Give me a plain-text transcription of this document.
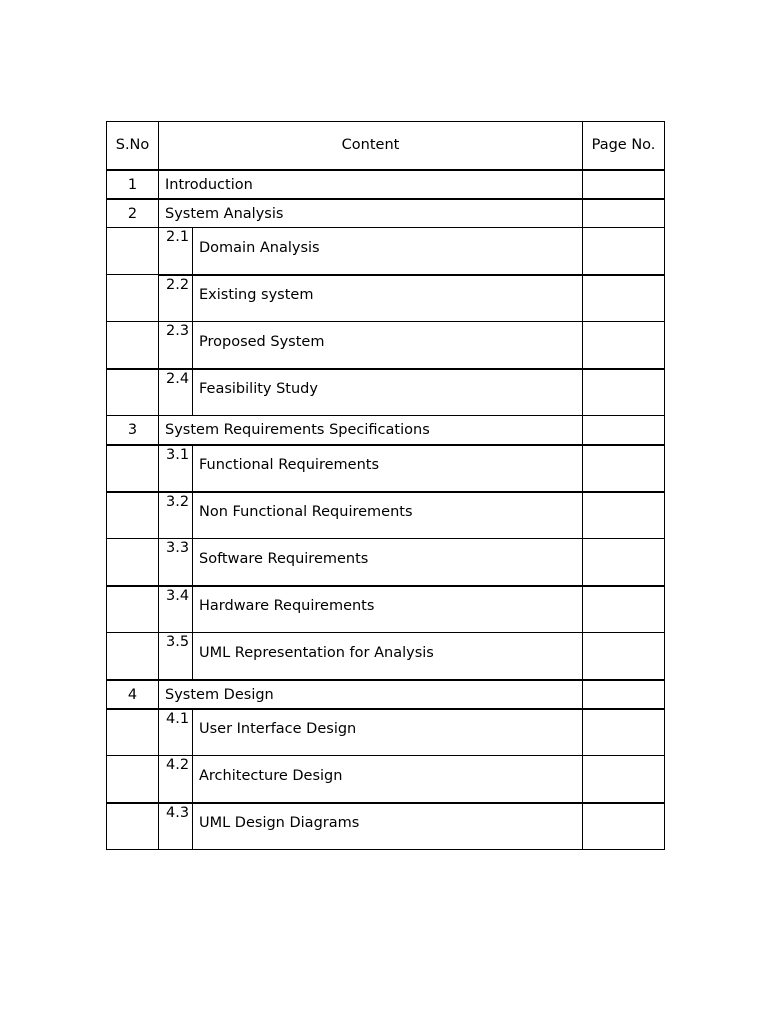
S.No	Content		Page No.
1	Introduction		
2	System Analysis		
	2.1	Domain Analysis	
	2.2	Existing system	
	2.3	Proposed System	
	2.4	Feasibility Study	
3	System Requirements Specifications		
	3.1	Functional Requirements	
	3.2	Non Functional Requirements	
	3.3	Software Requirements	
	3.4	Hardware Requirements	
	3.5	UML Representation for Analysis	
4	System Design		
	4.1	User Interface Design	
	4.2	Architecture Design	
	4.3	UML Design Diagrams	
